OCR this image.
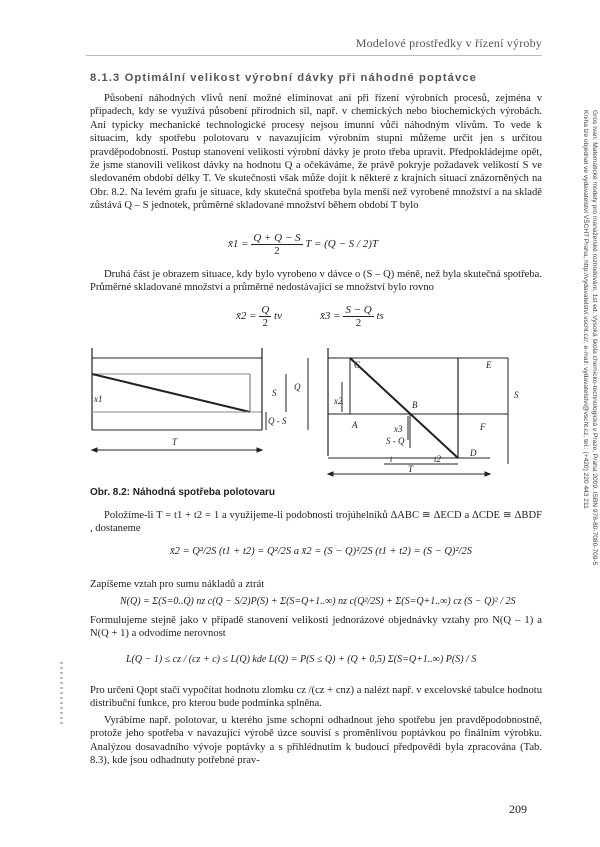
Modelové prostředky v řízení výroby
8.1.3 Optimální velikost výrobní dávky při náhodné poptávce

Působení náhodných vlivů není možné eliminovat ani při řízení výrobních procesů, zejména v případech, kdy se využívá působení přírodních sil, např. v chemických nebo biochemických výrobách. Ani typicky mechanické technologické procesy nejsou imunní vůči náhodným vlivům. To vede k situacím, kdy spotřebu polotovaru v navazujícím výrobním stupni můžeme určit jen s určitou pravděpodobností. Postup stanovení velikosti výrobní dávky je proto třeba upravit. Předpokládejme opět, že jsme stanovili velikost dávky na hodnotu Q a očekáváme, že právě pokryje požadavek velikostí S ve sledovaném období délky T. Ve skutečnosti však může dojít k některé z krajních situací znázorněných na Obr. 8.2. Na levém grafu je situace, kdy skutečná spotřeba byla menší než vyrobené množství a na skladě zůstává Q – S jednotek, průměrné skladované množství během období T bylo

x̄1 = $\frac{Q + Q - S}{2}$ T = (Q − S / 2)T

Druhá část je obrazem situace, kdy bylo vyrobeno v dávce o (S – Q) méně, než byla skutečná spotřeba. Průměrné skladované množství a průměrné nedostávající se množství bylo rovno

x̄2 = $\frac{Q}{2}$ tv	x̄3 = $\frac{S - Q}{2}$ ts
x1
S
Q
Q - S
T
C	E
x2
A
B
x3
S - Q
F
t	t2
D
S
T
Obr. 8.2: Náhodná spotřeba polotovaru

Položíme-li T = t1 + t2 = 1 a využijeme-li podobnosti trojúhelníků ΔABC ≅ ΔECD a ΔCDE ≅ ΔBDF , dostaneme

x̄2 = Q²/2S (t1 + t2) = Q²/2S a x̄2 = (S − Q)²/2S (t1 + t2) = (S − Q)²/2S

Zapíšeme vztah pro sumu nákladů a ztrát

N(Q) = Σ(S=0..Q) nz c(Q − S/2)P(S) + Σ(S=Q+1..∞) nz c(Q²/2S) + Σ(S=Q+1..∞) cz (S − Q)² / 2S

Formulujeme stejně jako v případě stanovení velikosti jednorázové objednávky vztahy pro N(Q – 1) a N(Q + 1) a odvodíme nerovnost

L(Q − 1) ≤ cz / (cz + c) ≤ L(Q) kde L(Q) = P(S ≤ Q) + (Q + 0,5) Σ(S=Q+1..∞) P(S) / S

Pro určení Qopt stačí vypočítat hodnotu zlomku cz /(cz + cnz) a nalézt např. v excelovské tabulce hodnotu distribuční funkce, pro kterou bude podmínka splněna.

Vyrábíme např. polotovar, u kterého jsme schopni odhadnout jeho spotřebu jen pravděpodobnostně, protože jeho spotřeba v navazující výrobě úzce souvisí s proměnlivou poptávkou po finálním výrobku. Analýzou dosavadního vývoje poptávky a s přihlédnutím k budoucí předpovědi byla zpracována (Tab. 8.3), kde jsou odhadnuty potřebné prav-

Gros Ivan: Matematické modely pro manažerské rozhodování, 1st ed. Vysoká škola chemicko-technologická v Praze, Praha 2009. ISBN 978-80-7080-709-5
Kniha lze objednat ve vydavatelství VŠCHT Praha, http://vydavatelstvi.vscht.cz/, e-mail: vydavatelstvi@vscht.cz, tel.: (+420) 220 443 211
209
